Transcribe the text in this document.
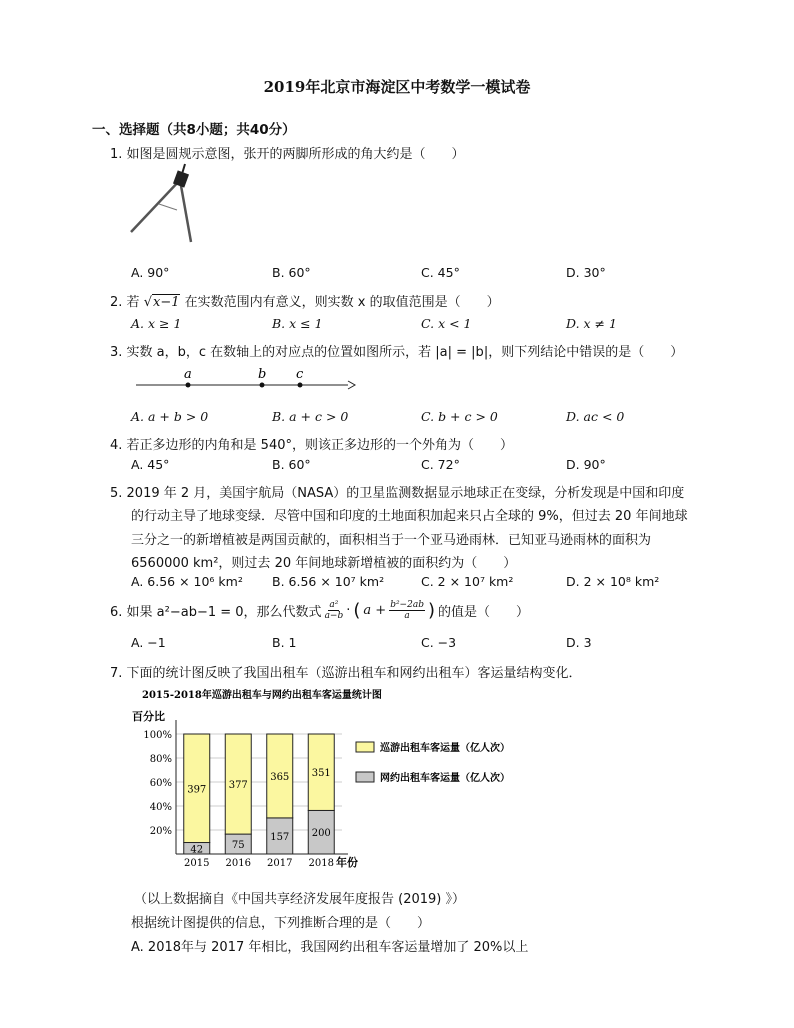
2019年北京市海淀区中考数学一模试卷
一、选择题（共8小题；共40分）
1. 如图是圆规示意图，张开的两脚所形成的角大约是（　　）
A. 90°	B. 60°	C. 45°	D. 30°
2. 若 √x−1 在实数范围内有意义，则实数 x 的取值范围是（　　）
A. x ≥ 1	B. x ≤ 1	C. x < 1	D. x ≠ 1
3. 实数 a，b，c 在数轴上的对应点的位置如图所示，若 |a| = |b|，则下列结论中错误的是（　　）
a	b c
A. a + b > 0	B. a + c > 0	C. b + c > 0	D. ac < 0
4. 若正多边形的内角和是 540°，则该正多边形的一个外角为（　　）
A. 45°	B. 60°	C. 72°	D. 90°
5. 2019 年 2 月，美国宇航局（NASA）的卫星监测数据显示地球正在变绿，分析发现是中国和印度
的行动主导了地球变绿．尽管中国和印度的土地面积加起来只占全球的 9%，但过去 20 年间地球
三分之一的新增植被是两国贡献的，面积相当于一个亚马逊雨林．已知亚马逊雨林的面积为
6560000 km²，则过去 20 年间地球新增植被的面积约为（　　）
A. 6.56 × 10⁶ km² B. 6.56 × 10⁷ km²	C. 2 × 10⁷ km²	D. 2 × 10⁸ km²
6. 如果 a²−ab−1 = 0，那么代数式 $\frac{\text{a²}}{a-b}$ · ( $a + \frac{\text{b²−2ab}}{a}$ ) 的值是（　　）
A. −1	B. 1	C. −3	D. 3
7. 下面的统计图反映了我国出租车（巡游出租车和网约出租车）客运量结构变化．
2015-2018年巡游出租车与网约出租车客运量统计图
百分比
年份
20%
40%
60%
80%
100%
42
397
2015
75
377
2016
157
365
2017
200
351
2018
巡游出租车客运量（亿人次）
网约出租车客运量（亿人次）
（以上数据摘自《中国共享经济发展年度报告 (2019) 》）
根据统计图提供的信息，下列推断合理的是（　　）
A. 2018年与 2017 年相比，我国网约出租车客运量增加了 20%以上
